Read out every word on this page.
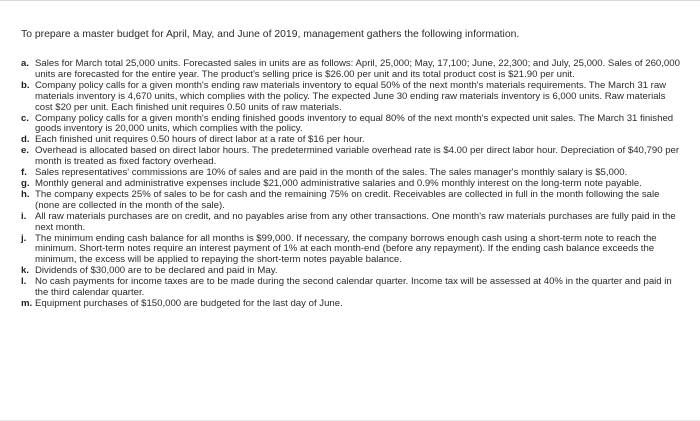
To prepare a master budget for April, May, and June of 2019, management gathers the following information.

a. Sales for March total 25,000 units. Forecasted sales in units are as follows: April, 25,000; May, 17,100; June, 22,300; and July, 25,000. Sales of 260,000 units are forecasted for the entire year. The product's selling price is $26.00 per unit and its total product cost is $21.90 per unit.
b. Company policy calls for a given month's ending raw materials inventory to equal 50% of the next month's materials requirements. The March 31 raw materials inventory is 4,670 units, which complies with the policy. The expected June 30 ending raw materials inventory is 6,000 units. Raw materials cost $20 per unit. Each finished unit requires 0.50 units of raw materials.
c. Company policy calls for a given month's ending finished goods inventory to equal 80% of the next month's expected unit sales. The March 31 finished goods inventory is 20,000 units, which complies with the policy.
d. Each finished unit requires 0.50 hours of direct labor at a rate of $16 per hour.
e. Overhead is allocated based on direct labor hours. The predetermined variable overhead rate is $4.00 per direct labor hour. Depreciation of $40,790 per month is treated as fixed factory overhead.
f. Sales representatives' commissions are 10% of sales and are paid in the month of the sales. The sales manager's monthly salary is $5,000.
g. Monthly general and administrative expenses include $21,000 administrative salaries and 0.9% monthly interest on the long-term note payable.
h. The company expects 25% of sales to be for cash and the remaining 75% on credit. Receivables are collected in full in the month following the sale (none are collected in the month of the sale).
i. All raw materials purchases are on credit, and no payables arise from any other transactions. One month's raw materials purchases are fully paid in the next month.
j. The minimum ending cash balance for all months is $99,000. If necessary, the company borrows enough cash using a short-term note to reach the minimum. Short-term notes require an interest payment of 1% at each month-end (before any repayment). If the ending cash balance exceeds the minimum, the excess will be applied to repaying the short-term notes payable balance.
k. Dividends of $30,000 are to be declared and paid in May.
l. No cash payments for income taxes are to be made during the second calendar quarter. Income tax will be assessed at 40% in the quarter and paid in the third calendar quarter.
m. Equipment purchases of $150,000 are budgeted for the last day of June.
